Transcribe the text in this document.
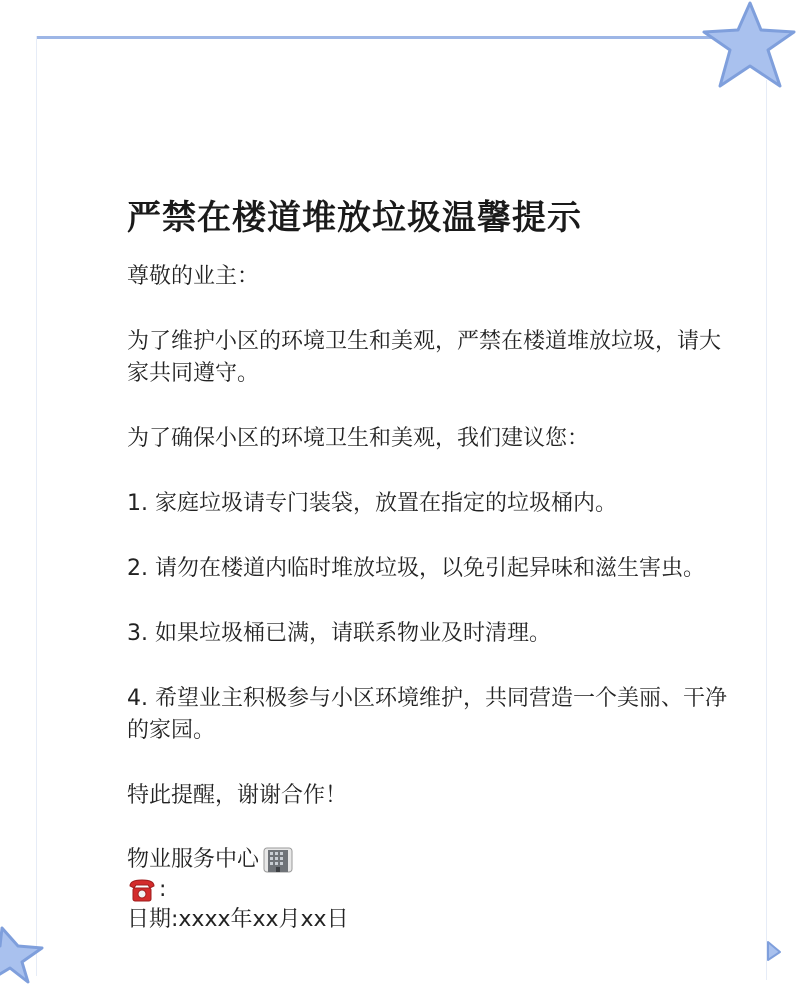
严禁在楼道堆放垃圾温馨提示
尊敬的业主：
为了维护小区的环境卫生和美观，严禁在楼道堆放垃圾，请大家共同遵守。
为了确保小区的环境卫生和美观，我们建议您：
1. 家庭垃圾请专门装袋，放置在指定的垃圾桶内。
2. 请勿在楼道内临时堆放垃圾，以免引起异味和滋生害虫。
3. 如果垃圾桶已满，请联系物业及时清理。
4. 希望业主积极参与小区环境维护，共同营造一个美丽、干净的家园。
特此提醒，谢谢合作！
物业服务中心
:
日期:xxxx年xx月xx日
